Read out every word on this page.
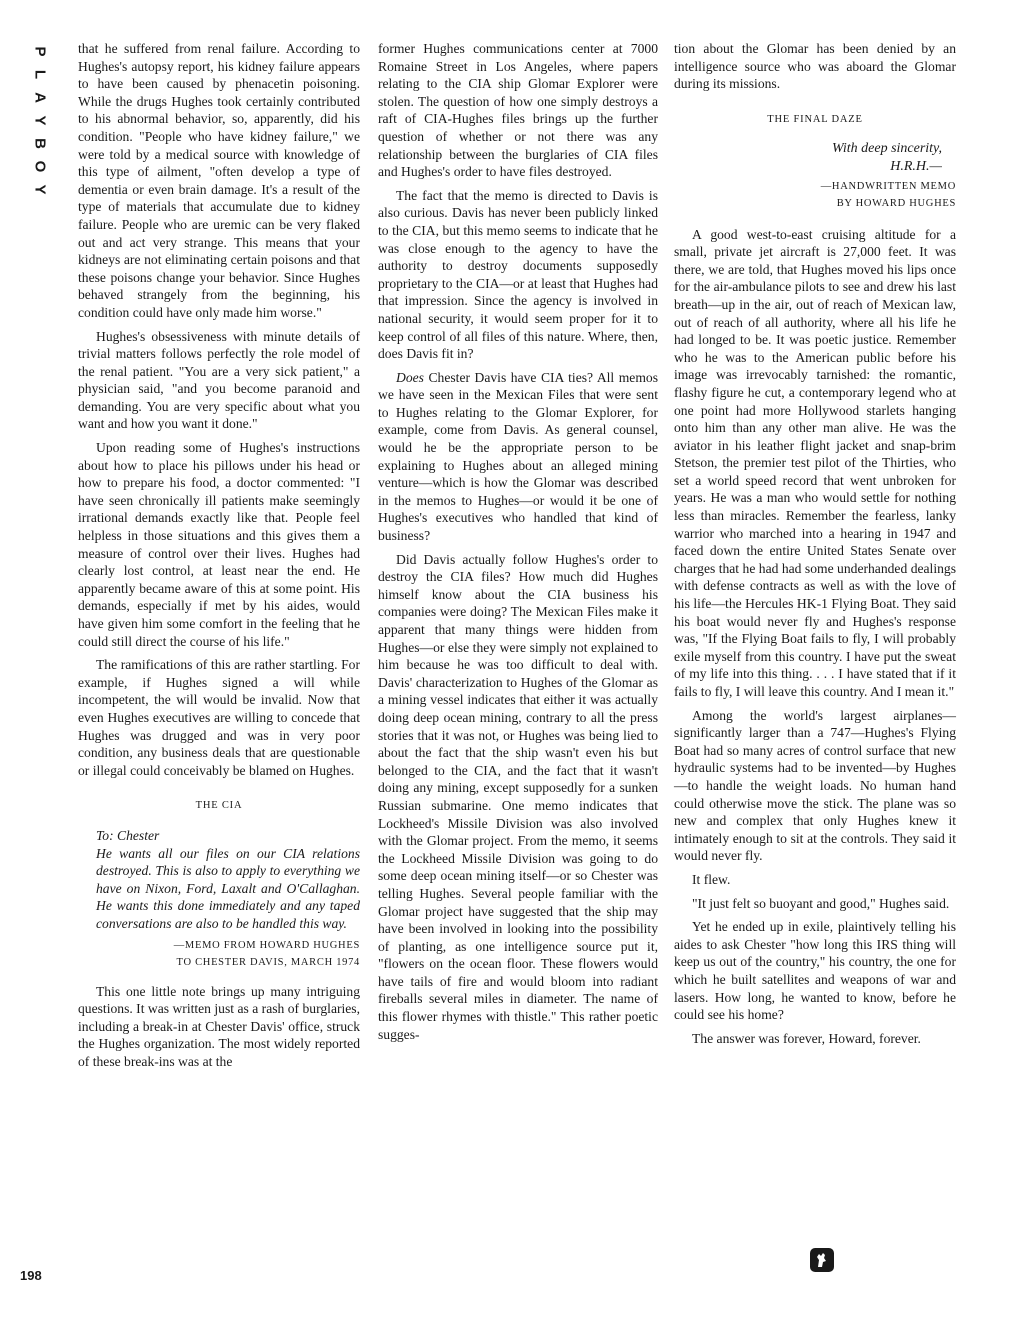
P
L
A
Y
B
O
Y
198

that he suffered from renal failure. According to Hughes's autopsy report, his kidney failure appears to have been caused by phenacetin poisoning. While the drugs Hughes took certainly contributed to his abnormal behavior, so, apparently, did his condition. "People who have kidney failure," we were told by a medical source with knowledge of this type of ailment, "often develop a type of dementia or even brain damage. It's a result of the type of materials that accumulate due to kidney failure. People who are uremic can be very flaked out and act very strange. This means that your kidneys are not eliminating certain poisons and that these poisons change your behavior. Since Hughes behaved strangely from the beginning, his condition could have only made him worse."

Hughes's obsessiveness with minute details of trivial matters follows perfectly the role model of the renal patient. "You are a very sick patient," a physician said, "and you become paranoid and demanding. You are very specific about what you want and how you want it done."

Upon reading some of Hughes's instructions about how to place his pillows under his head or how to prepare his food, a doctor commented: "I have seen chronically ill patients make seemingly irrational demands exactly like that. People feel helpless in those situations and this gives them a measure of control over their lives. Hughes had clearly lost control, at least near the end. He apparently became aware of this at some point. His demands, especially if met by his aides, would have given him some comfort in the feeling that he could still direct the course of his life."

The ramifications of this are rather startling. For example, if Hughes signed a will while incompetent, the will would be invalid. Now that even Hughes executives are willing to concede that Hughes was drugged and was in very poor condition, any business deals that are questionable or illegal could conceivably be blamed on Hughes.

THE CIA

To: Chester

He wants all our files on our CIA relations destroyed. This is also to apply to everything we have on Nixon, Ford, Laxalt and O'Callaghan. He wants this done immediately and any taped conversations are also to be handled this way.

—MEMO FROM HOWARD HUGHES
TO CHESTER DAVIS, MARCH 1974

This one little note brings up many intriguing questions. It was written just as a rash of burglaries, including a break-in at Chester Davis' office, struck the Hughes organization. The most widely reported of these break-ins was at the

former Hughes communications center at 7000 Romaine Street in Los Angeles, where papers relating to the CIA ship Glomar Explorer were stolen. The question of how one simply destroys a raft of CIA-Hughes files brings up the further question of whether or not there was any relationship between the burglaries of CIA files and Hughes's order to have files destroyed.

The fact that the memo is directed to Davis is also curious. Davis has never been publicly linked to the CIA, but this memo seems to indicate that he was close enough to the agency to have the authority to destroy documents supposedly proprietary to the CIA—or at least that Hughes had that impression. Since the agency is involved in national security, it would seem proper for it to keep control of all files of this nature. Where, then, does Davis fit in?

Does Chester Davis have CIA ties? All memos we have seen in the Mexican Files that were sent to Hughes relating to the Glomar Explorer, for example, come from Davis. As general counsel, would he be the appropriate person to be explaining to Hughes about an alleged mining venture—which is how the Glomar was described in the memos to Hughes—or would it be one of Hughes's executives who handled that kind of business?

Did Davis actually follow Hughes's order to destroy the CIA files? How much did Hughes himself know about the CIA business his companies were doing? The Mexican Files make it apparent that many things were hidden from Hughes—or else they were simply not explained to him because he was too difficult to deal with. Davis' characterization to Hughes of the Glomar as a mining vessel indicates that either it was actually doing deep ocean mining, contrary to all the press stories that it was not, or Hughes was being lied to about the fact that the ship wasn't even his but belonged to the CIA, and the fact that it wasn't doing any mining, except supposedly for a sunken Russian submarine. One memo indicates that Lockheed's Missile Division was also involved with the Glomar project. From the memo, it seems the Lockheed Missile Division was going to do some deep ocean mining itself—or so Chester was telling Hughes. Several people familiar with the Glomar project have suggested that the ship may have been involved in looking into the possibility of planting, as one intelligence source put it, "flowers on the ocean floor. These flowers would have tails of fire and would bloom into radiant fireballs several miles in diameter. The name of this flower rhymes with thistle." This rather poetic sugges-

tion about the Glomar has been denied by an intelligence source who was aboard the Glomar during its missions.

THE FINAL DAZE

With deep sincerity,

H.R.H.—

—HANDWRITTEN MEMO
BY HOWARD HUGHES

A good west-to-east cruising altitude for a small, private jet aircraft is 27,000 feet. It was there, we are told, that Hughes moved his lips once for the air-ambulance pilots to see and drew his last breath—up in the air, out of reach of Mexican law, out of reach of all authority, where all his life he had longed to be. It was poetic justice. Remember who he was to the American public before his image was irrevocably tarnished: the romantic, flashy figure he cut, a contemporary legend who at one point had more Hollywood starlets hanging onto him than any other man alive. He was the aviator in his leather flight jacket and snap-brim Stetson, the premier test pilot of the Thirties, who set a world speed record that went unbroken for years. He was a man who would settle for nothing less than miracles. Remember the fearless, lanky warrior who marched into a hearing in 1947 and faced down the entire United States Senate over charges that he had had some underhanded dealings with defense contracts as well as with the love of his life—the Hercules HK-1 Flying Boat. They said his boat would never fly and Hughes's response was, "If the Flying Boat fails to fly, I will probably exile myself from this country. I have put the sweat of my life into this thing. . . . I have stated that if it fails to fly, I will leave this country. And I mean it."

Among the world's largest airplanes—significantly larger than a 747—Hughes's Flying Boat had so many acres of control surface that new hydraulic systems had to be invented—by Hughes—to handle the weight loads. No human hand could otherwise move the stick. The plane was so new and complex that only Hughes knew it intimately enough to sit at the controls. They said it would never fly.

It flew.

"It just felt so buoyant and good," Hughes said.

Yet he ended up in exile, plaintively telling his aides to ask Chester "how long this IRS thing will keep us out of the country," his country, the one for which he built satellites and weapons of war and lasers. How long, he wanted to know, before he could see his home?

The answer was forever, Howard, forever.
